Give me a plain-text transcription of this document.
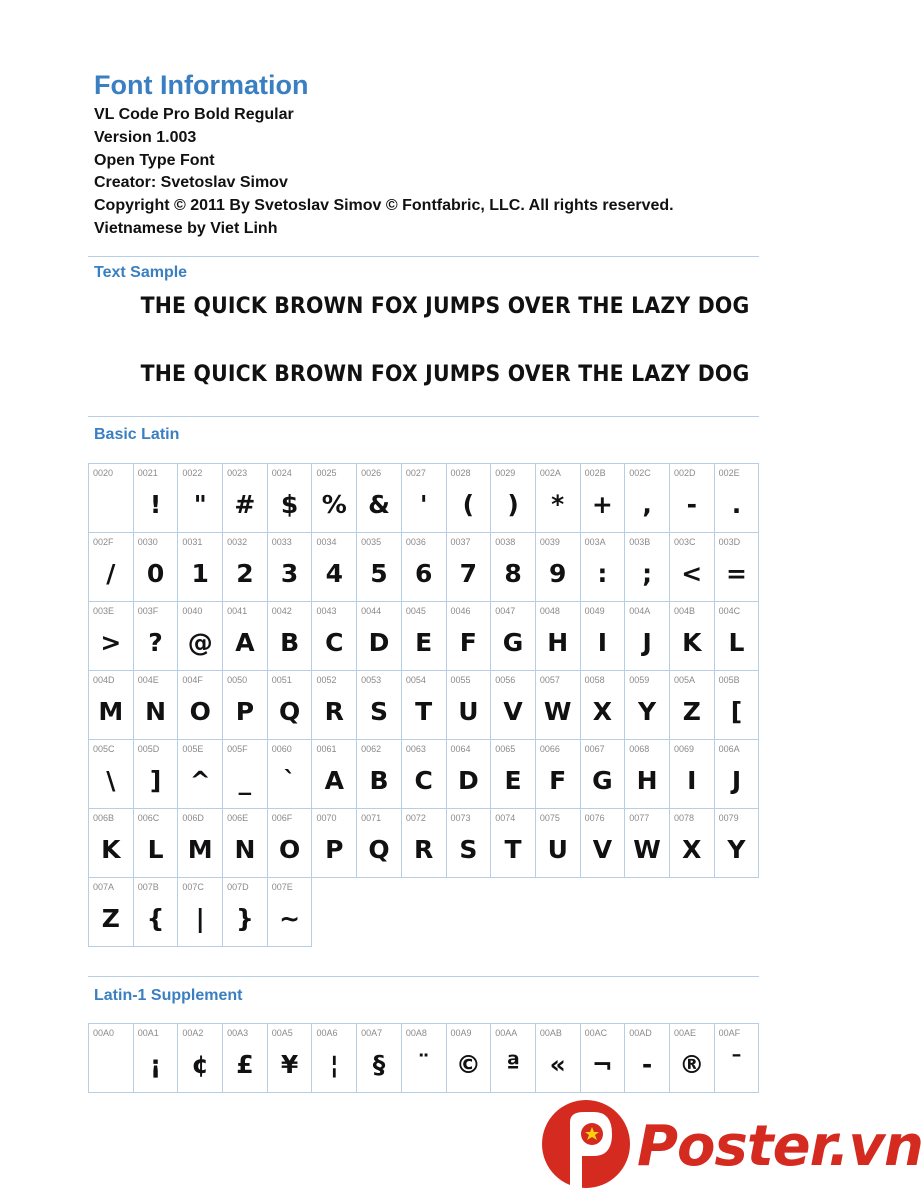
Font Information
VL Code Pro Bold Regular
Version 1.003
Open Type Font
Creator: Svetoslav Simov
Copyright © 2011 By Svetoslav Simov © Fontfabric, LLC. All rights reserved.
Vietnamese by Viet Linh
Text Sample
THE QUICK BROWN FOX JUMPS OVER THE LAZY DOG
THE QUICK BROWN FOX JUMPS OVER THE LAZY DOG
Basic Latin
0020	0021
!
0022
"
0023
#
0024
$
0025
%
0026
&
0027
'
0028
(
0029
)
002A
*
002B
+
002C
,
002D
-
002E
.
002F
/
0030
0
0031
1
0032
2
0033
3
0034
4
0035
5
0036
6
0037
7
0038
8
0039
9
003A
:
003B
;
003C
<
003D
=
003E
>
003F
?
0040
@
0041
A
0042
B
0043
C
0044
D
0045
E
0046
F
0047
G
0048
H
0049
I
004A
J
004B
K
004C
L
004D
M
004E
N
004F
O
0050
P
0051
Q
0052
R
0053
S
0054
T
0055
U
0056
V
0057
W
0058
X
0059
Y
005A
Z
005B
[
005C
\
005D
]
005E
^
005F
_
0060
`
0061
A
0062
B
0063
C
0064
D
0065
E
0066
F
0067
G
0068
H
0069
I
006A
J
006B
K
006C
L
006D
M
006E
N
006F
O
0070
P
0071
Q
0072
R
0073
S
0074
T
0075
U
0076
V
0077
W
0078
X
0079
Y
007A
Z
007B
{
007C
|
007D
}
007E
~
Latin-1 Supplement
00A0	00A1
¡
00A2
¢
00A3
£
00A5
¥
00A6
¦
00A7
§
00A8
¨
00A9
©
00AA
ª
00AB
«
00AC
¬
00AD
-
00AE
®
00AF
¯
Poster.vn
